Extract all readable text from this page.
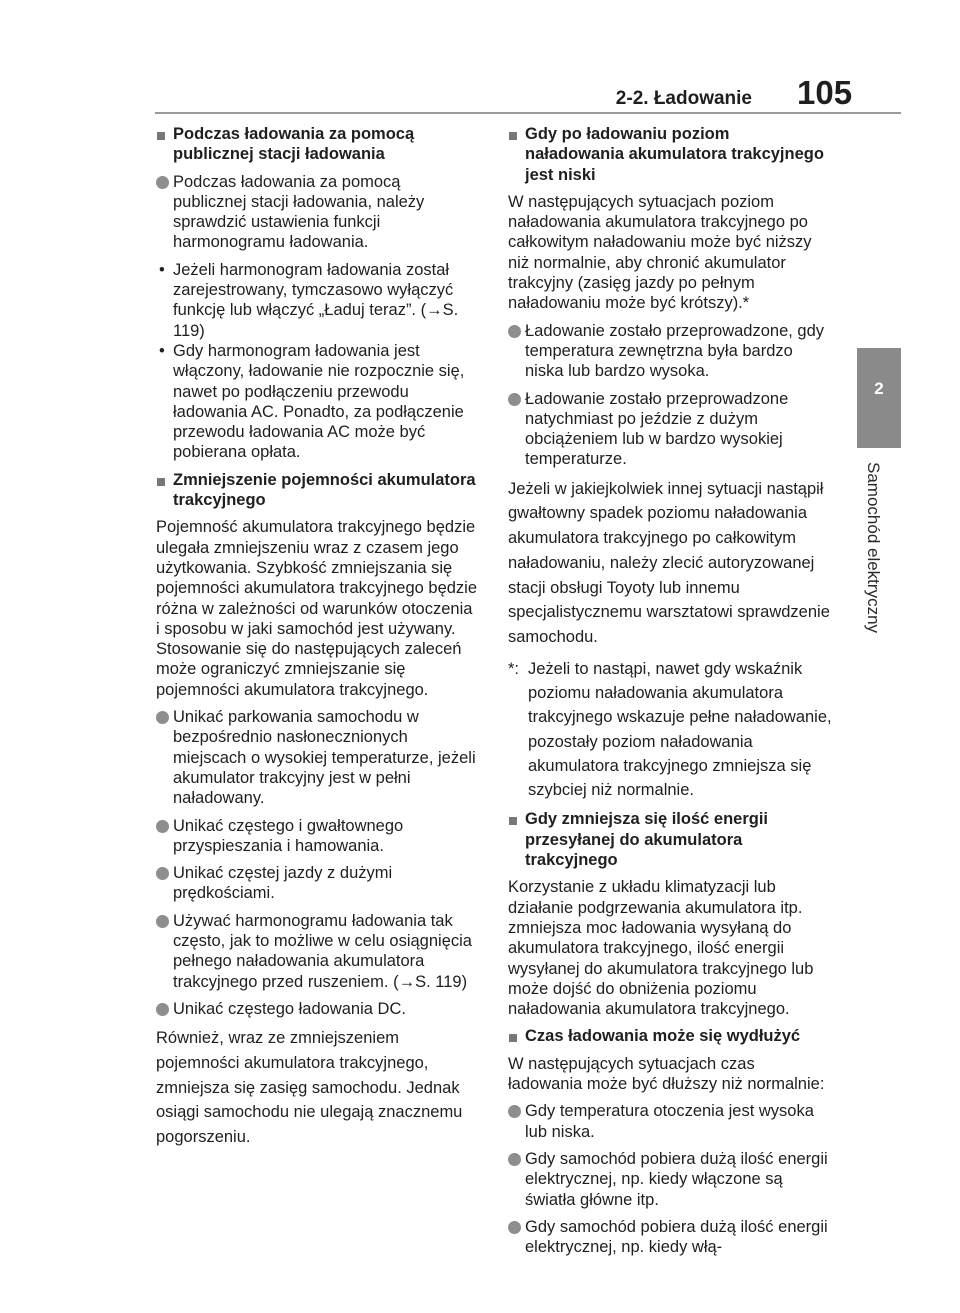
2-2. Ładowanie 105
2
Samochód elektryczny
■ Podczas ładowania za pomocą publicznej stacji ładowania
Podczas ładowania za pomocą publicznej stacji ładowania, należy sprawdzić ustawienia funkcji harmonogramu ładowania.
• Jeżeli harmonogram ładowania został zarejestrowany, tymczasowo wyłączyć funkcję lub włączyć „Ładuj teraz”. (→S. 119)
• Gdy harmonogram ładowania jest włączony, ładowanie nie rozpocznie się, nawet po podłączeniu przewodu ładowania AC. Ponadto, za podłączenie przewodu ładowania AC może być pobierana opłata.
■ Zmniejszenie pojemności akumulatora trakcyjnego
Pojemność akumulatora trakcyjnego będzie ulegała zmniejszeniu wraz z czasem jego użytkowania. Szybkość zmniejszania się pojemności akumulatora trakcyjnego będzie różna w zależności od warunków otoczenia i sposobu w jaki samochód jest używany. Stosowanie się do następujących zaleceń może ograniczyć zmniejszanie się pojemności akumulatora trakcyjnego.
Unikać parkowania samochodu w bezpośrednio nasłonecznionych miejscach o wysokiej temperaturze, jeżeli akumulator trakcyjny jest w pełni naładowany.
Unikać częstego i gwałtownego przyspieszania i hamowania.
Unikać częstej jazdy z dużymi prędkościami.
Używać harmonogramu ładowania tak często, jak to możliwe w celu osiągnięcia pełnego naładowania akumulatora trakcyjnego przed ruszeniem. (→S. 119)
Unikać częstego ładowania DC.
Również, wraz ze zmniejszeniem pojemności akumulatora trakcyjnego, zmniejsza się zasięg samochodu. Jednak osiągi samochodu nie ulegają znacznemu pogorszeniu.
■ Gdy po ładowaniu poziom naładowania akumulatora trakcyjnego jest niski
W następujących sytuacjach poziom naładowania akumulatora trakcyjnego po całkowitym naładowaniu może być niższy niż normalnie, aby chronić akumulator trakcyjny (zasięg jazdy po pełnym naładowaniu może być krótszy).*
Ładowanie zostało przeprowadzone, gdy temperatura zewnętrzna była bardzo niska lub bardzo wysoka.
Ładowanie zostało przeprowadzone natychmiast po jeździe z dużym obciążeniem lub w bardzo wysokiej temperaturze.
Jeżeli w jakiejkolwiek innej sytuacji nastąpił gwałtowny spadek poziomu naładowania akumulatora trakcyjnego po całkowitym naładowaniu, należy zlecić autoryzowanej stacji obsługi Toyoty lub innemu specjalistycznemu warsztatowi sprawdzenie samochodu.
*: Jeżeli to nastąpi, nawet gdy wskaźnik poziomu naładowania akumulatora trakcyjnego wskazuje pełne naładowanie, pozostały poziom naładowania akumulatora trakcyjnego zmniejsza się szybciej niż normalnie.
■ Gdy zmniejsza się ilość energii przesyłanej do akumulatora trakcyjnego
Korzystanie z układu klimatyzacji lub działanie podgrzewania akumulatora itp. zmniejsza moc ładowania wysyłaną do akumulatora trakcyjnego, ilość energii wysyłanej do akumulatora trakcyjnego lub może dojść do obniżenia poziomu naładowania akumulatora trakcyjnego.
■ Czas ładowania może się wydłużyć
W następujących sytuacjach czas ładowania może być dłuższy niż normalnie:
Gdy temperatura otoczenia jest wysoka lub niska.
Gdy samochód pobiera dużą ilość energii elektrycznej, np. kiedy włączone są światła główne itp.
Gdy samochód pobiera dużą ilość energii elektrycznej, np. kiedy włą-
